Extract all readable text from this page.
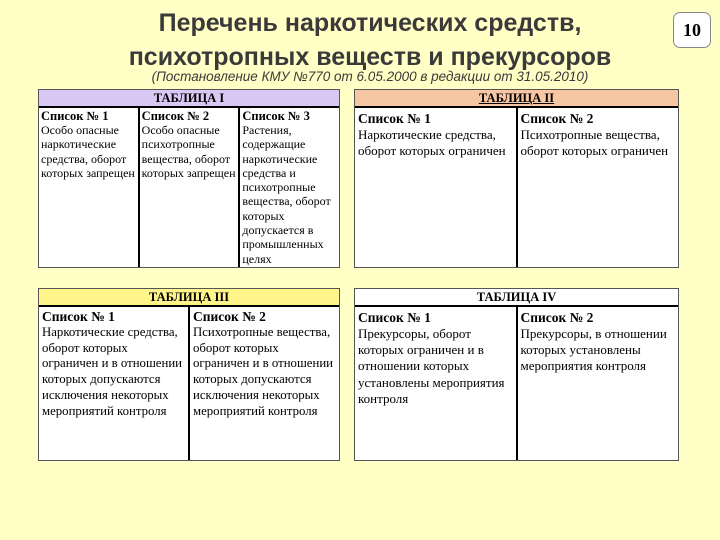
Перечень наркотических средств,
психотропных веществ и прекурсоров
(Постановление КМУ №770 от 6.05.2000 в редакции от 31.05.2010)
10
ТАБЛИЦА I
Список № 1
Особо опасные наркотические средства, оборот которых запрещен
Список № 2
Особо опасные психотропные вещества, оборот которых запрещен
Список № 3
Растения, содержащие наркотические средства и психотропные вещества, оборот которых допускается в промышленных целях
ТАБЛИЦА II
Список № 1
Наркотические средства, оборот которых ограничен
Список № 2
Психотропные вещества, оборот которых ограничен
ТАБЛИЦА III
Список № 1
Наркотические средства, оборот которых ограничен и в отношении которых допускаются исключения некоторых мероприятий контроля
Список № 2
Психотропные вещества, оборот которых ограничен и в отношении которых допускаются исключения некоторых мероприятий контроля
ТАБЛИЦА IV
Список № 1
Прекурсоры, оборот которых ограничен и в отношении которых установлены мероприятия контроля
Список № 2
Прекурсоры, в отношении которых установлены мероприятия контроля
